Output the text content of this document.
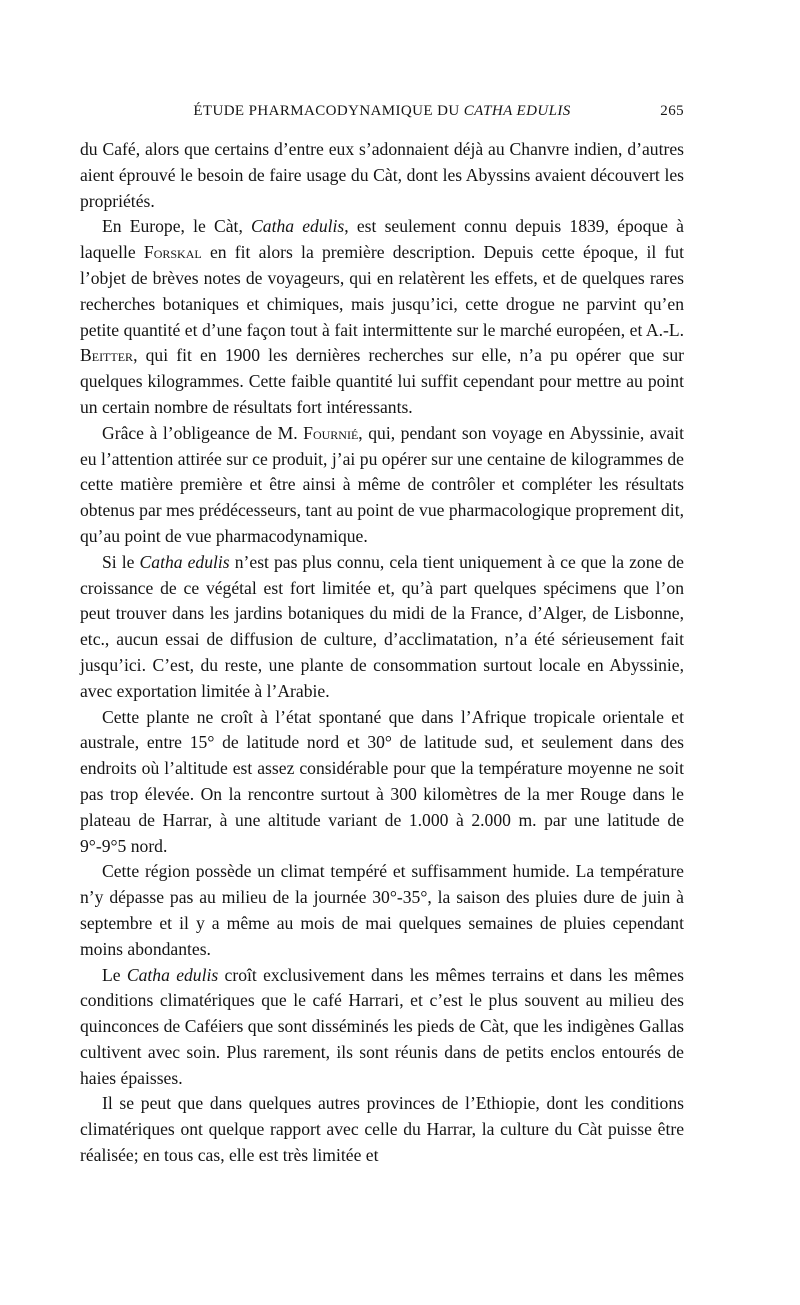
ÉTUDE PHARMACODYNAMIQUE DU CATHA EDULIS	265

du Café, alors que certains d’entre eux s’adonnaient déjà au Chanvre indien, d’autres aient éprouvé le besoin de faire usage du Càt, dont les Abyssins avaient découvert les propriétés.

En Europe, le Càt, Catha edulis, est seulement connu depuis 1839, époque à laquelle Forskal en fit alors la première description. Depuis cette époque, il fut l’objet de brèves notes de voyageurs, qui en relatèrent les effets, et de quelques rares recherches botaniques et chimiques, mais jusqu’ici, cette drogue ne parvint qu’en petite quantité et d’une façon tout à fait intermittente sur le marché européen, et A.-L. Beitter, qui fit en 1900 les dernières recherches sur elle, n’a pu opérer que sur quelques kilogrammes. Cette faible quantité lui suffit cependant pour mettre au point un certain nombre de résultats fort intéressants.

Grâce à l’obligeance de M. Fournié, qui, pendant son voyage en Abyssinie, avait eu l’attention attirée sur ce produit, j’ai pu opérer sur une centaine de kilogrammes de cette matière première et être ainsi à même de contrôler et compléter les résultats obtenus par mes prédécesseurs, tant au point de vue pharmacologique proprement dit, qu’au point de vue pharmacodynamique.

Si le Catha edulis n’est pas plus connu, cela tient uniquement à ce que la zone de croissance de ce végétal est fort limitée et, qu’à part quelques spécimens que l’on peut trouver dans les jardins botaniques du midi de la France, d’Alger, de Lisbonne, etc., aucun essai de diffusion de culture, d’acclimatation, n’a été sérieusement fait jusqu’ici. C’est, du reste, une plante de consommation surtout locale en Abyssinie, avec exportation limitée à l’Arabie.

Cette plante ne croît à l’état spontané que dans l’Afrique tropicale orientale et australe, entre 15° de latitude nord et 30° de latitude sud, et seulement dans des endroits où l’altitude est assez considérable pour que la température moyenne ne soit pas trop élevée. On la rencontre surtout à 300 kilomètres de la mer Rouge dans le plateau de Harrar, à une altitude variant de 1.000 à 2.000 m. par une latitude de 9°-9°5 nord.

Cette région possède un climat tempéré et suffisamment humide. La température n’y dépasse pas au milieu de la journée 30°-35°, la saison des pluies dure de juin à septembre et il y a même au mois de mai quelques semaines de pluies cependant moins abondantes.

Le Catha edulis croît exclusivement dans les mêmes terrains et dans les mêmes conditions climatériques que le café Harrari, et c’est le plus souvent au milieu des quinconces de Caféiers que sont disséminés les pieds de Càt, que les indigènes Gallas cultivent avec soin. Plus rarement, ils sont réunis dans de petits enclos entourés de haies épaisses.

Il se peut que dans quelques autres provinces de l’Ethiopie, dont les conditions climatériques ont quelque rapport avec celle du Harrar, la culture du Càt puisse être réalisée; en tous cas, elle est très limitée et
